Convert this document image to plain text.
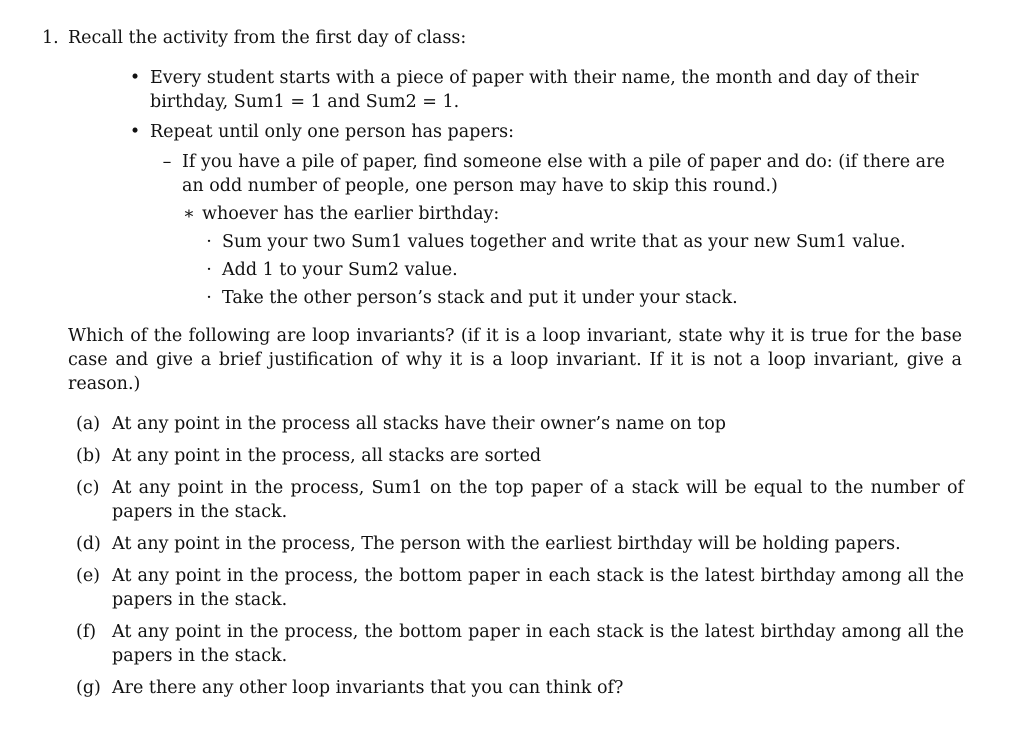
1. Recall the activity from the first day of class:
• Every student starts with a piece of paper with their name, the month and day of their birthday, Sum1 = 1 and Sum2 = 1.
• Repeat until only one person has papers:
– If you have a pile of paper, find someone else with a pile of paper and do: (if there are an odd number of people, one person may have to skip this round.)
∗ whoever has the earlier birthday:
· Sum your two Sum1 values together and write that as your new Sum1 value.
· Add 1 to your Sum2 value.
· Take the other person’s stack and put it under your stack.
Which of the following are loop invariants? (if it is a loop invariant, state why it is true for the base case and give a brief justification of why it is a loop invariant. If it is not a loop invariant, give a reason.)
(a) At any point in the process all stacks have their owner’s name on top
(b) At any point in the process, all stacks are sorted
(c) At any point in the process, Sum1 on the top paper of a stack will be equal to the number of papers in the stack.
(d) At any point in the process, The person with the earliest birthday will be holding papers.
(e) At any point in the process, the bottom paper in each stack is the latest birthday among all the papers in the stack.
(f) At any point in the process, the bottom paper in each stack is the latest birthday among all the papers in the stack.
(g) Are there any other loop invariants that you can think of?
